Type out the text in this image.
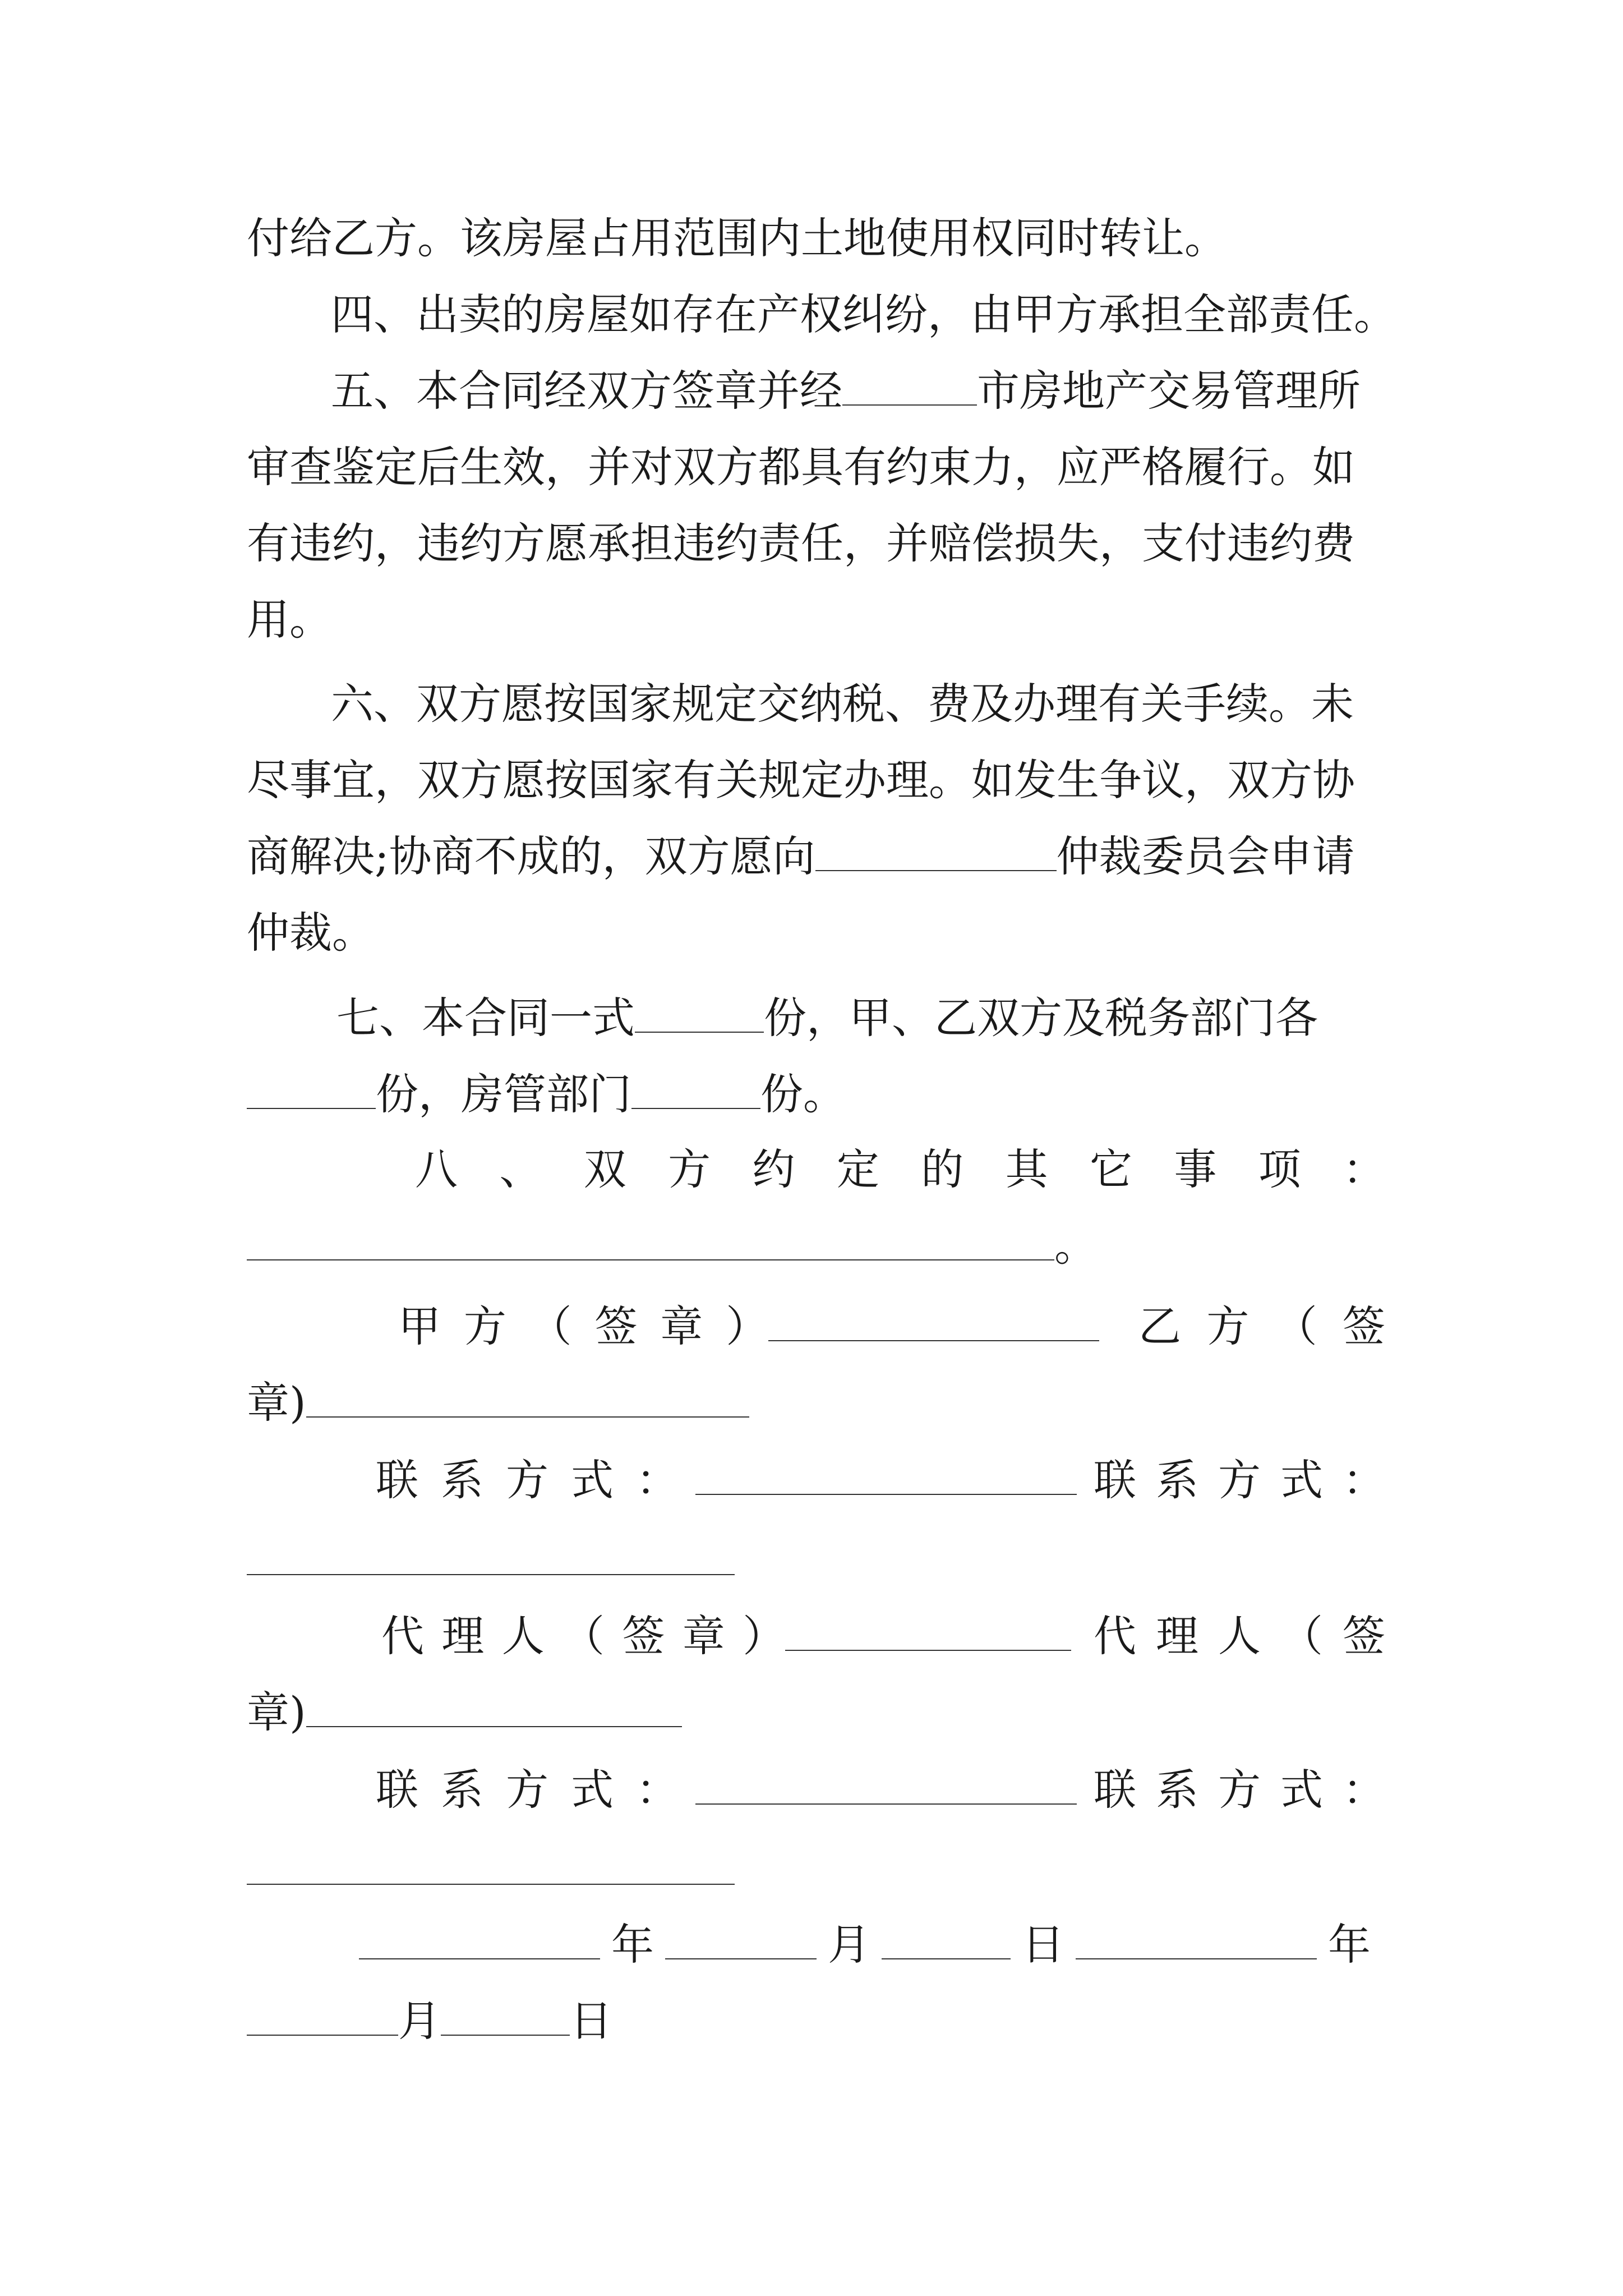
付给乙方。该房屋占用范围内土地使用权同时转让。
四、出卖的房屋如存在产权纠纷，由甲方承担全部责任。
五、本合同经双方签章并经	市房地产交易管理所
审查鉴定后生效，并对双方都具有约束力，应严格履行。如
有违约，违约方愿承担违约责任，并赔偿损失，支付违约费
用。
六、双方愿按国家规定交纳税、费及办理有关手续。未
尽事宜，双方愿按国家有关规定办理。如发生争议，双方协
商解决;协商不成的，双方愿向	仲裁委员会申请
仲裁。
七、本合同一式	份，甲、乙双方及税务部门各
份，房管部门	份。
八 、 双 方 约 定 的 其 它 事 项 ：
。
甲 方 （ 签 章 ）	乙 方 （ 签
章)
联 系 方 式 ：	联 系 方 式 ：
代 理 人 （ 签 章 ）	代 理 人 （ 签
章)
联 系 方 式 ：	联 系 方 式 ：
年	月	日	年
月	日
